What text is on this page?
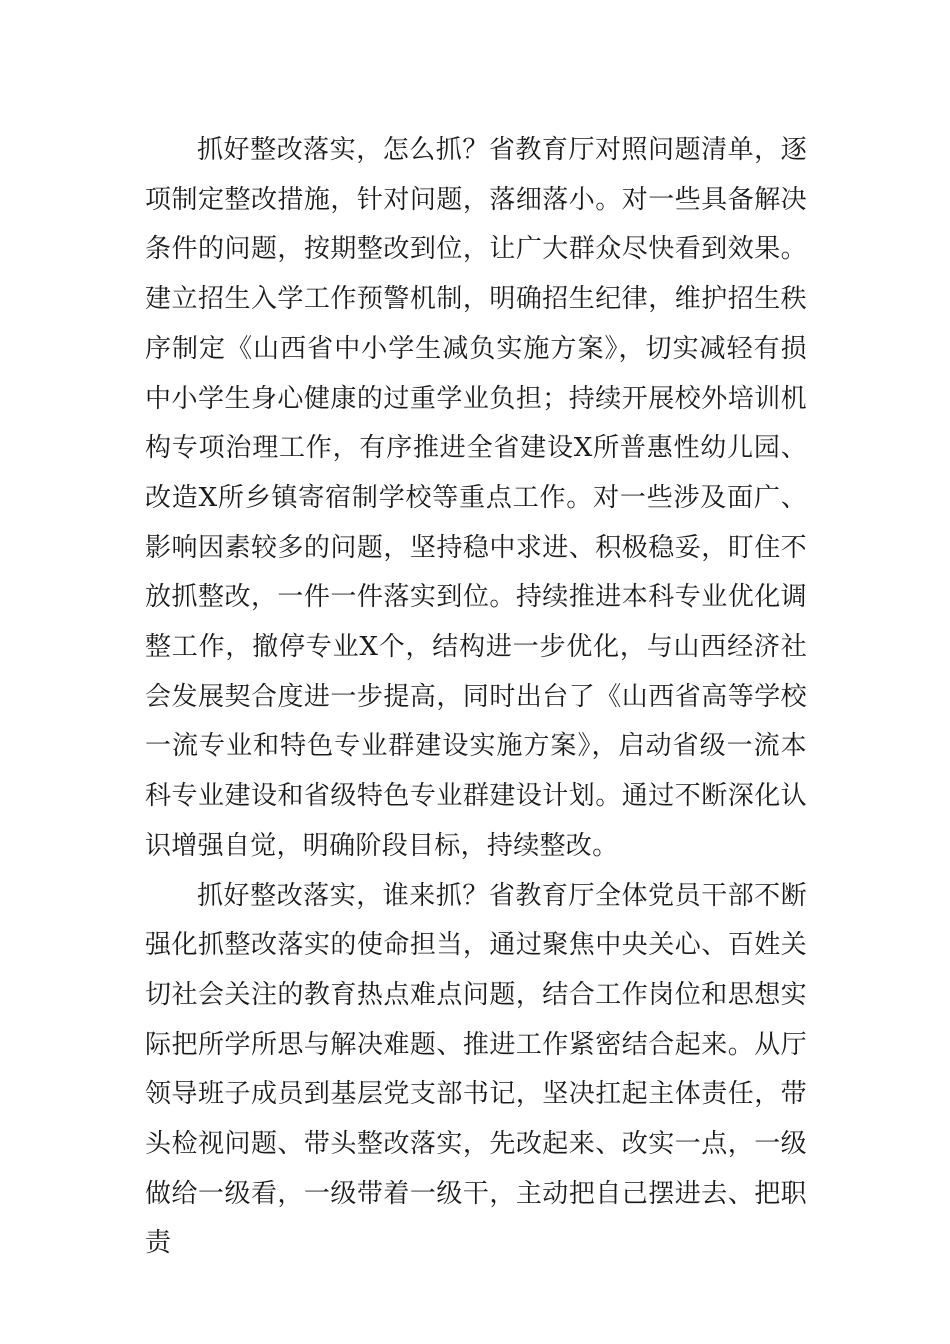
抓好整改落实，怎么抓？省教育厅对照问题清单，逐项制定整改措施，针对问题，落细落小。对一些具备解决条件的问题，按期整改到位，让广大群众尽快看到效果。建立招生入学工作预警机制，明确招生纪律，维护招生秩序制定《山西省中小学生减负实施方案》，切实减轻有损中小学生身心健康的过重学业负担；持续开展校外培训机构专项治理工作，有序推进全省建设X所普惠性幼儿园、改造X所乡镇寄宿制学校等重点工作。对一些涉及面广、影响因素较多的问题，坚持稳中求进、积极稳妥，盯住不放抓整改，一件一件落实到位。持续推进本科专业优化调整工作，撤停专业X个，结构进一步优化，与山西经济社会发展契合度进一步提高，同时出台了《山西省高等学校一流专业和特色专业群建设实施方案》，启动省级一流本科专业建设和省级特色专业群建设计划。通过不断深化认识增强自觉，明确阶段目标，持续整改。

抓好整改落实，谁来抓？省教育厅全体党员干部不断强化抓整改落实的使命担当，通过聚焦中央关心、百姓关切社会关注的教育热点难点问题，结合工作岗位和思想实际把所学所思与解决难题、推进工作紧密结合起来。从厅领导班子成员到基层党支部书记，坚决扛起主体责任，带头检视问题、带头整改落实，先改起来、改实一点，一级做给一级看，一级带着一级干，主动把自己摆进去、把职责
